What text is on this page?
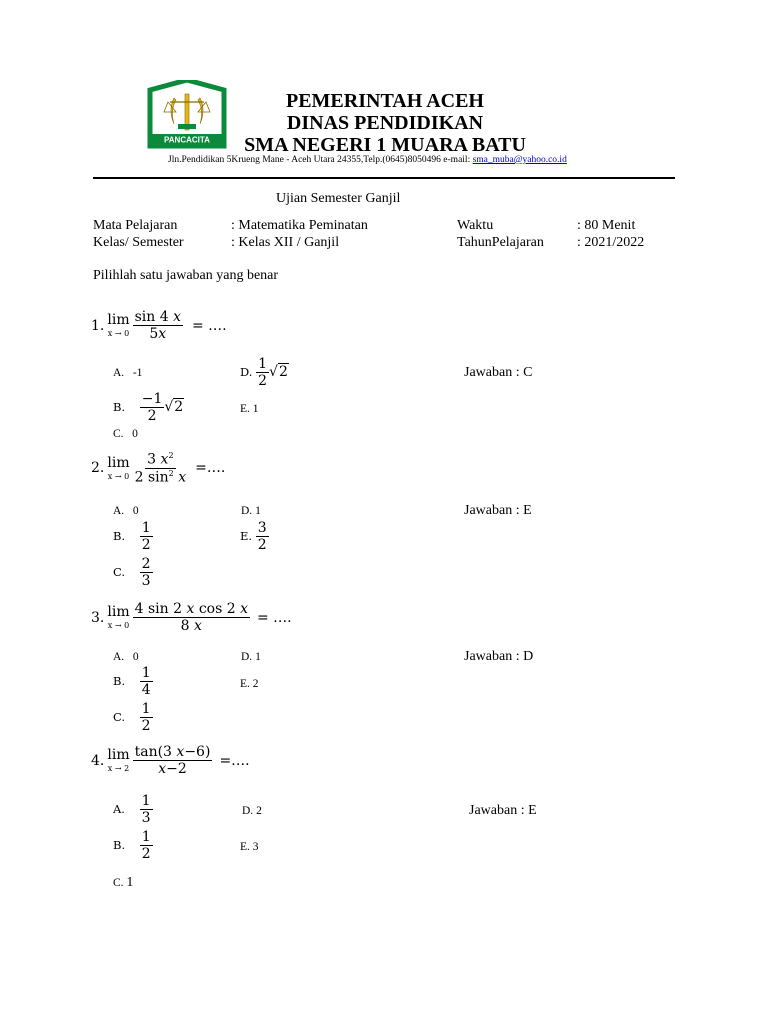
PANCACITA
PEMERINTAH ACEH
DINAS PENDIDIKAN
SMA NEGERI 1 MUARA BATU
Jln.Pendidikan 5Krueng Mane - Aceh Utara 24355,Telp.(0645)8050496 e-mail: sma_muba@yahoo.co.id
Ujian Semester Ganjil
Mata Pelajaran	: Matematika Peminatan	Waktu	: 80 Menit
Kelas/ Semester	: Kelas XII / Ganjil	TahunPelajaran : 2021/2022
Pilihlah satu jawaban yang benar
1. lim
$x \to 0 \frac{\sin 4 x}{5x}$ = ….
A. -1
B.
$\frac{-1}{2} √2$
C. 0
D.
$\frac{1}{2} √2$
E. 1
Jawaban : C
2. lim
$x \to 0 \frac{3 x^2}{2 \sin^2 x}$ =….
A. 0
B.
$\frac{1}{2}$
C.
$\frac{2}{3}$
D. 1
E.
$\frac{3}{2}$
Jawaban : E
3. lim
$x \to 0 \frac{\text{4 sin 2 x cos 2 x}}{8 x}$ = ….
A. 0
B.
$\frac{1}{4}$
C.
$\frac{1}{2}$
D. 1
E. 2
Jawaban : D
4. lim
$x \to 2 \frac{\tan(3 x-6)}{x-2}$ =….
A.
$\frac{1}{3}$
B.
$\frac{1}{2}$
C. 1
D. 2
E. 3
Jawaban : E
